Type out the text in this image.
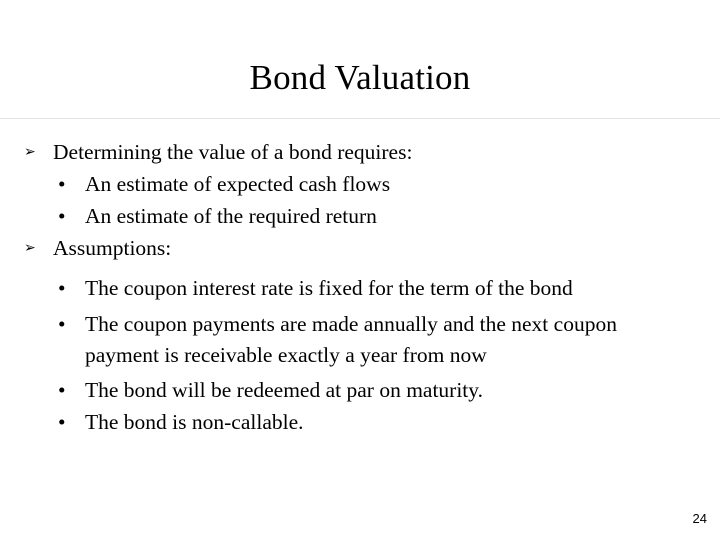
Bond Valuation
➢ Determining the value of a bond requires:
• An estimate of expected cash flows
• An estimate of the required return
➢ Assumptions:
• The coupon interest rate is fixed for the term of the bond
• The coupon payments are made annually and the next coupon
payment is receivable exactly a year from now
• The bond will be redeemed at par on maturity.
• The bond is non-callable.
24
